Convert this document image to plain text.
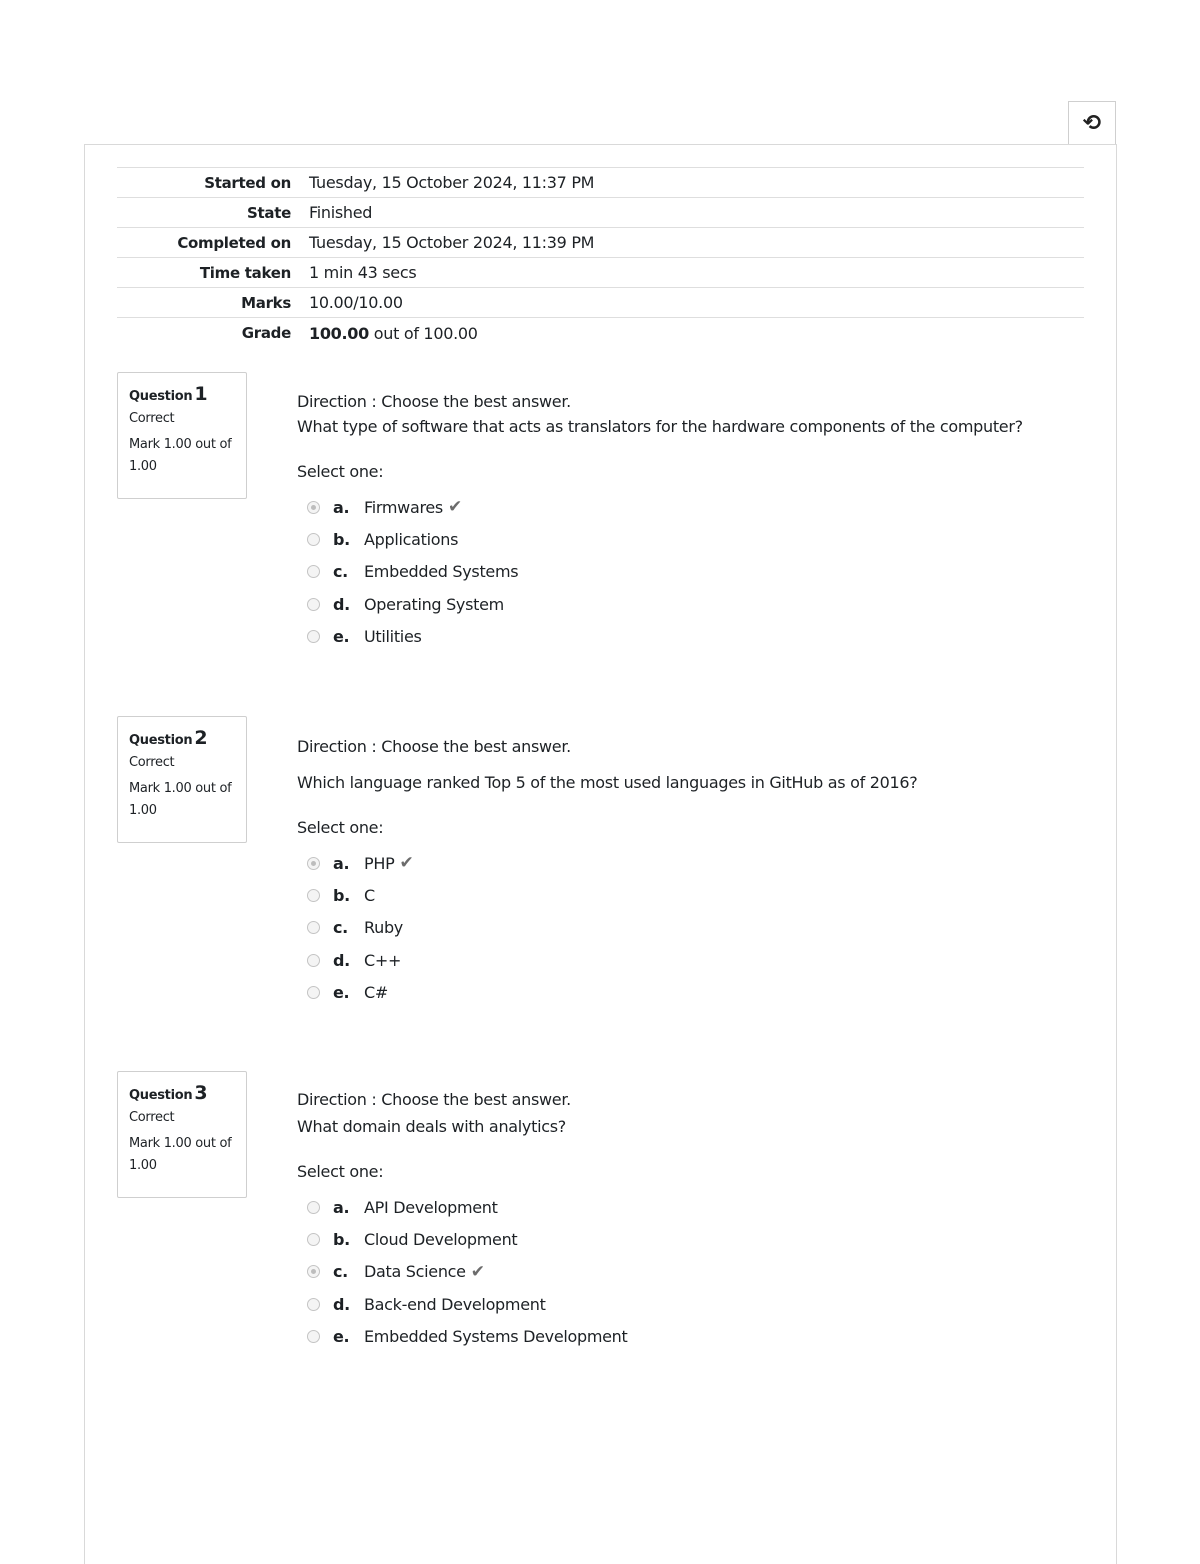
⟲
Started on Tuesday, 15 October 2024, 11:37 PM
State Finished
Completed on Tuesday, 15 October 2024, 11:39 PM
Time taken 1 min 43 secs
Marks 10.00/10.00
Grade 100.00 out of 100.00
Question 1
Correct
Mark 1.00 out of 1.00
Direction : Choose the best answer.
What type of software that acts as translators for the hardware components of the computer?
Select one:
a. Firmwares ✔
b. Applications
c.	Embedded Systems
d. Operating System
e. Utilities
Question 2
Correct
Mark 1.00 out of 1.00
Direction : Choose the best answer.
Which language ranked Top 5 of the most used languages in GitHub as of 2016?
Select one:
a. PHP ✔
b. C
c.	Ruby
d. C++
e. C#
Question 3
Correct
Mark 1.00 out of 1.00
Direction : Choose the best answer.
What domain deals with analytics?
Select one:
a. API Development
b. Cloud Development
c.	Data Science ✔
d. Back-end Development
e. Embedded Systems Development
